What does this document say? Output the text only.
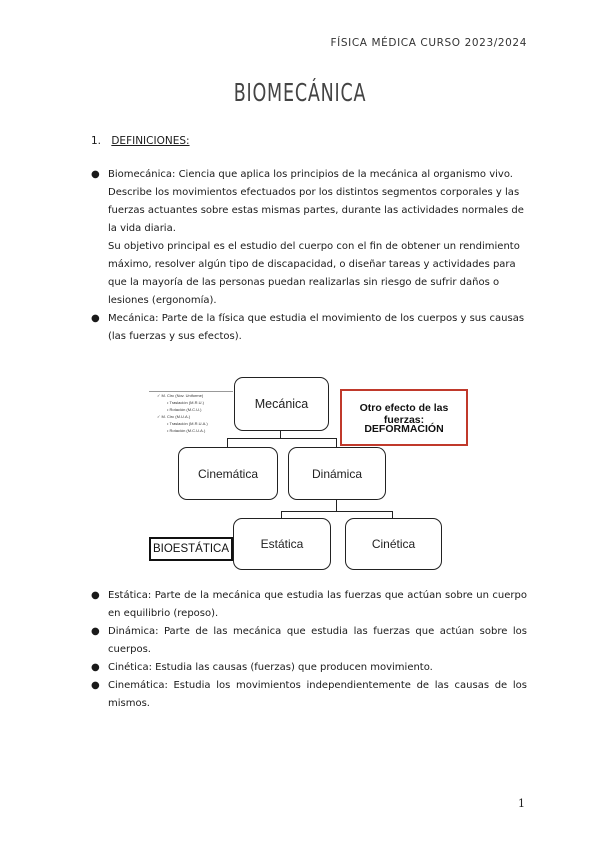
FÍSICA MÉDICA CURSO 2023/2024
BIOMECÁNICA
1. DEFINICIONES:
● Biomecánica: Ciencia que aplica los principios de la mecánica al organismo vivo. Describe los movimientos efectuados por los distintos segmentos corporales y las fuerzas actuantes sobre estas mismas partes, durante las actividades normales de la vida diaria.

Su objetivo principal es el estudio del cuerpo con el fin de obtener un rendimiento máximo, resolver algún tipo de discapacidad, o diseñar tareas y actividades para que la mayoría de las personas puedan realizarlas sin riesgo de sufrir daños o lesiones (ergonomía).

● Mecánica: Parte de la física que estudia el movimiento de los cuerpos y sus causas (las fuerzas y sus efectos).

Mecánica
Cinemática	Dinámica
Estática	Cinética
Otro efecto de las fuerzas:
DEFORMACIÓN
BIOESTÁTICA
✓ M. Circ (Nov. Uniforme)
• Traslación (M.R.U.)
• Rotación (M.C.U.)
✓ M. Circ (M.U.A.)
• Traslación (M.R.U.A.)
• Rotación (M.C.U.A.)
● Estática: Parte de la mecánica que estudia las fuerzas que actúan sobre un cuerpo en equilibrio (reposo).

● Dinámica: Parte de las mecánica que estudia las fuerzas que actúan sobre los cuerpos.

● Cinética: Estudia las causas (fuerzas) que producen movimiento.

● Cinemática: Estudia los movimientos independientemente de las causas de los mismos.

1
